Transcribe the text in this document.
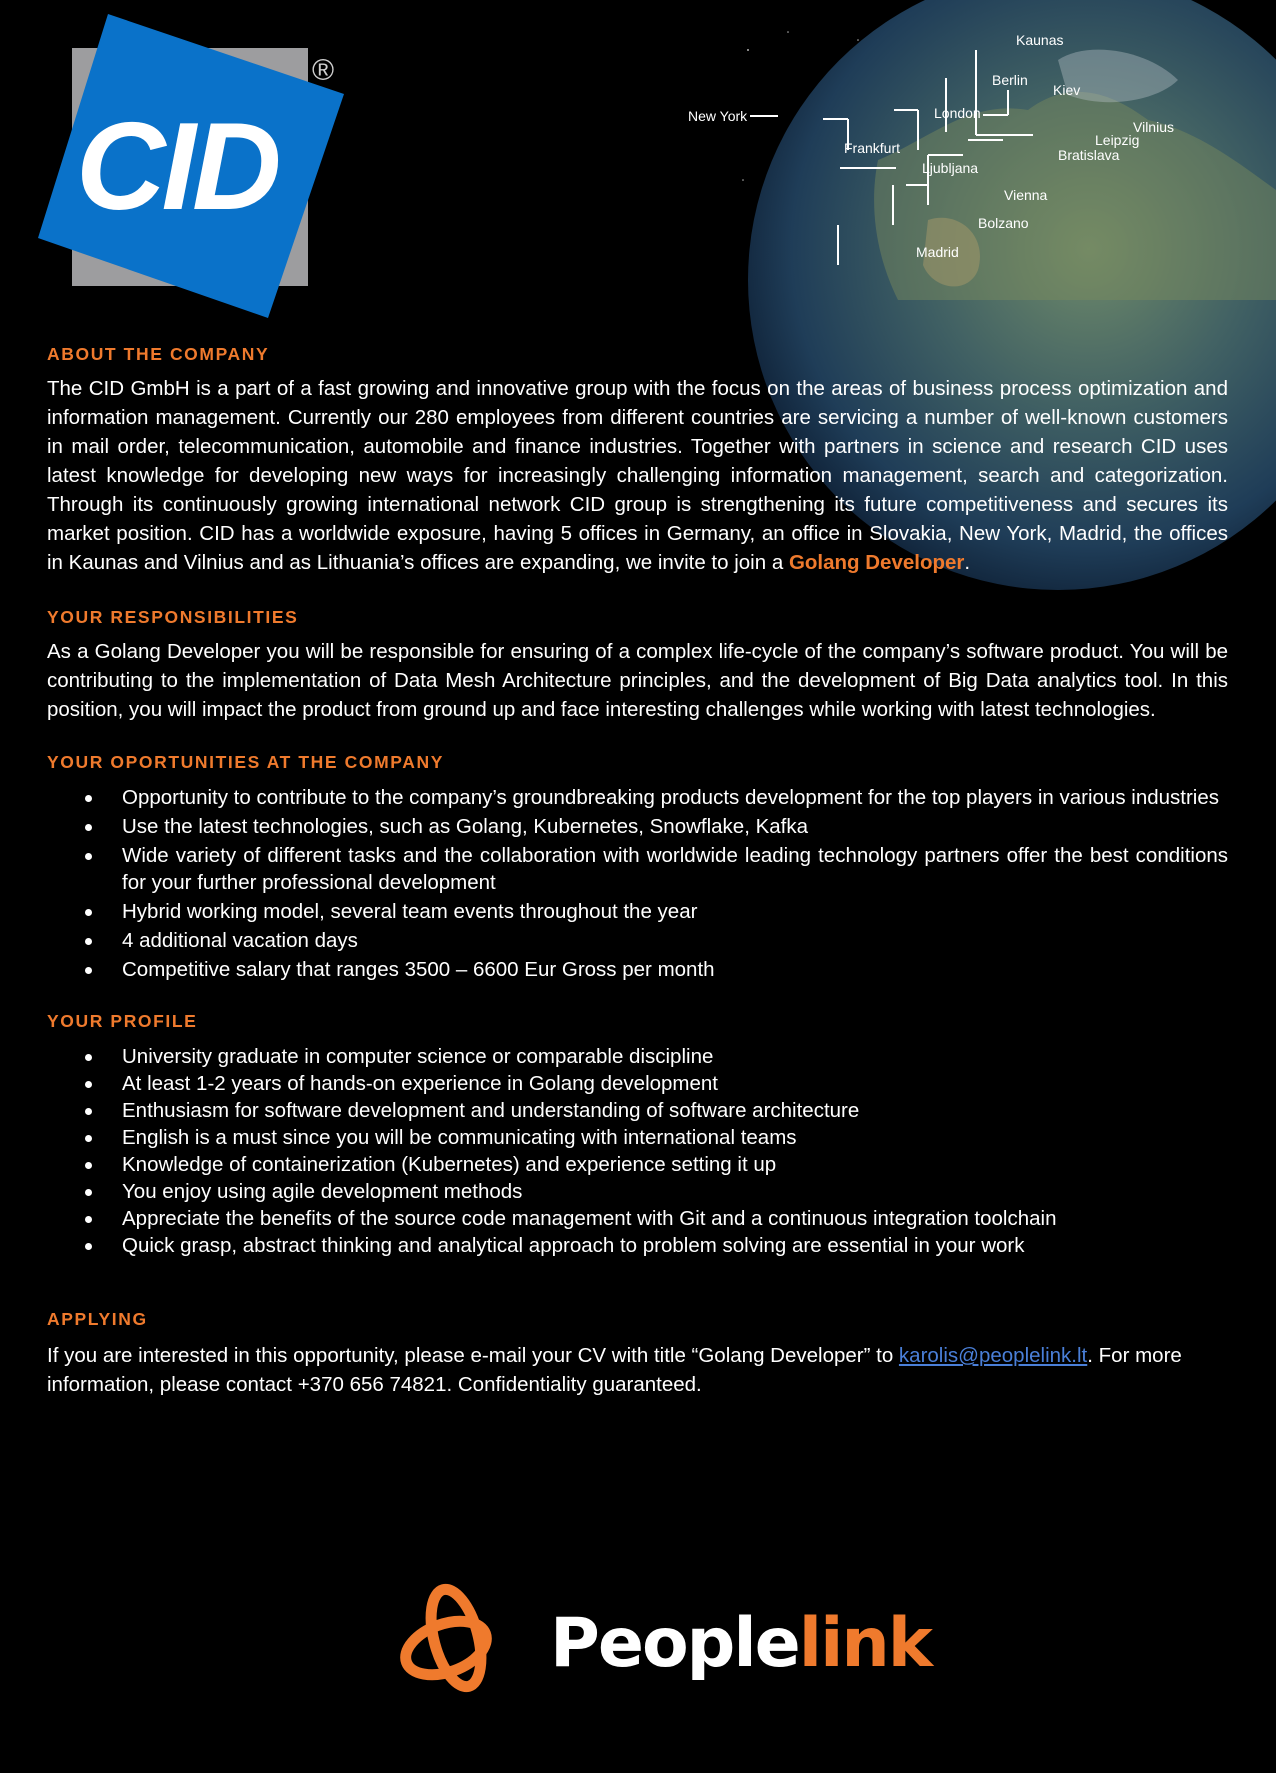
CID
®
Kaunas
Berlin
Kiev
London
Vilnius
Leipzig
Frankfurt	Bratislava
Ljubljana
Vienna
Bolzano
Madrid
New York
ABOUT THE COMPANY

The CID GmbH is a part of a fast growing and innovative group with the focus on the areas of business process optimization and information management. Currently our 280 employees from different countries are servicing a number of well-known customers in mail order, telecommunication, automobile and finance industries. Together with partners in science and research CID uses latest knowledge for developing new ways for increasingly challenging information management, search and categorization. Through its continuously growing international network CID group is strengthening its future competitiveness and secures its market position. CID has a worldwide exposure, having 5 offices in Germany, an office in Slovakia, New York, Madrid, the offices in Kaunas and Vilnius and as Lithuania’s offices are expanding, we invite to join a Golang Developer.

YOUR RESPONSIBILITIES

As a Golang Developer you will be responsible for ensuring of a complex life-cycle of the company’s software product. You will be contributing to the implementation of Data Mesh Architecture principles, and the development of Big Data analytics tool. In this position, you will impact the product from ground up and face interesting challenges while working with latest technologies.

YOUR OPORTUNITIES AT THE COMPANY
Opportunity to contribute to the company’s groundbreaking products development for the top players in various industries
Use the latest technologies, such as Golang, Kubernetes, Snowflake, Kafka
Wide variety of different tasks and the collaboration with worldwide leading technology partners offer the best conditions for your further professional development
Hybrid working model, several team events throughout the year
4 additional vacation days
Competitive salary that ranges 3500 – 6600 Eur Gross per month
YOUR PROFILE
University graduate in computer science or comparable discipline
At least 1-2 years of hands-on experience in Golang development
Enthusiasm for software development and understanding of software architecture
English is a must since you will be communicating with international teams
Knowledge of containerization (Kubernetes) and experience setting it up
You enjoy using agile development methods
Appreciate the benefits of the source code management with Git and a continuous integration toolchain
Quick grasp, abstract thinking and analytical approach to problem solving are essential in your work
APPLYING

If you are interested in this opportunity, please e-mail your CV with title “Golang Developer” to karolis@peoplelink.lt. For more information, please contact +370 656 74821. Confidentiality guaranteed.

Peoplelink
